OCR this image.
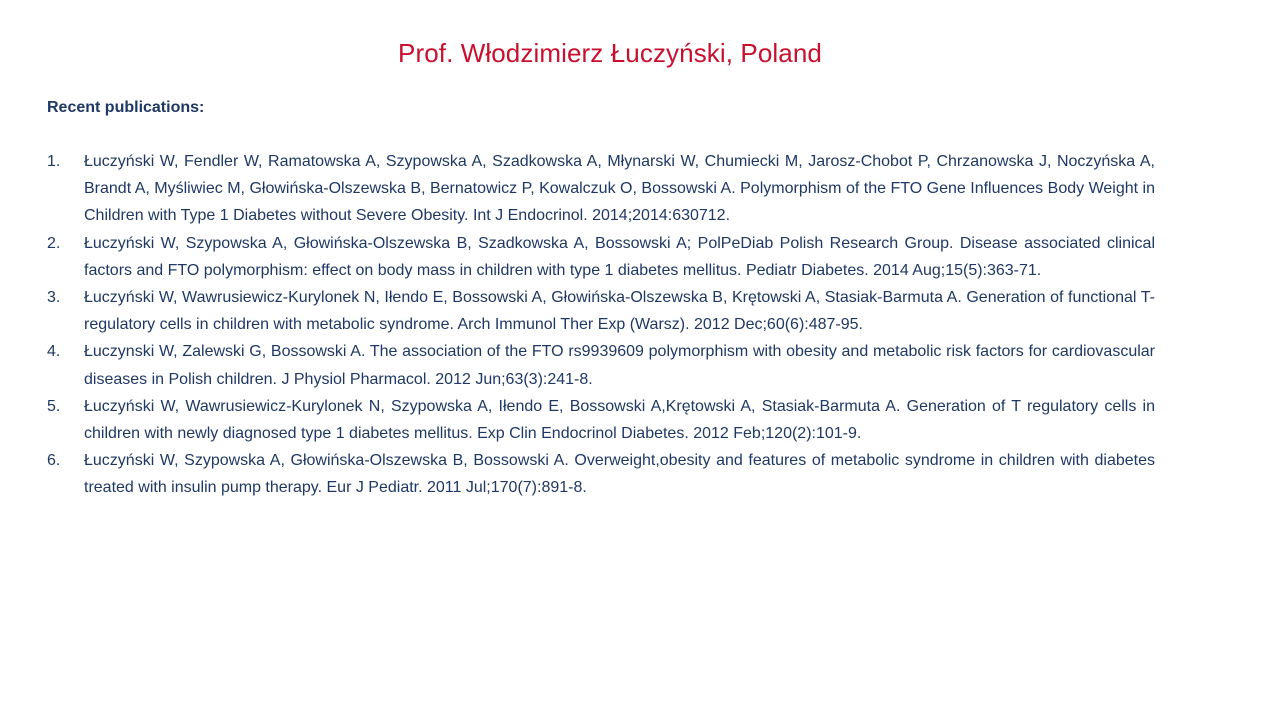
Prof. Włodzimierz Łuczyński, Poland
Recent publications:
1. Łuczyński W, Fendler W, Ramatowska A, Szypowska A, Szadkowska A, Młynarski W, Chumiecki M, Jarosz-Chobot P, Chrzanowska J, Noczyńska A, Brandt A, Myśliwiec M, Głowińska-Olszewska B, Bernatowicz P, Kowalczuk O, Bossowski A. Polymorphism of the FTO Gene Influences Body Weight in Children with Type 1 Diabetes without Severe Obesity. Int J Endocrinol. 2014;2014:630712.
2. Łuczyński W, Szypowska A, Głowińska-Olszewska B, Szadkowska A, Bossowski A; PolPeDiab Polish Research Group. Disease associated clinical factors and FTO polymorphism: effect on body mass in children with type 1 diabetes mellitus. Pediatr Diabetes. 2014 Aug;15(5):363-71.
3. Łuczyński W, Wawrusiewicz-Kurylonek N, Iłendo E, Bossowski A, Głowińska-Olszewska B, Krętowski A, Stasiak-Barmuta A. Generation of functional T-regulatory cells in children with metabolic syndrome. Arch Immunol Ther Exp (Warsz). 2012 Dec;60(6):487-95.
4. Łuczynski W, Zalewski G, Bossowski A. The association of the FTO rs9939609 polymorphism with obesity and metabolic risk factors for cardiovascular diseases in Polish children. J Physiol Pharmacol. 2012 Jun;63(3):241-8.
5. Łuczyński W, Wawrusiewicz-Kurylonek N, Szypowska A, Iłendo E, Bossowski A,Krętowski A, Stasiak-Barmuta A. Generation of T regulatory cells in children with newly diagnosed type 1 diabetes mellitus. Exp Clin Endocrinol Diabetes. 2012 Feb;120(2):101-9.
6. Łuczyński W, Szypowska A, Głowińska-Olszewska B, Bossowski A. Overweight,obesity and features of metabolic syndrome in children with diabetes treated with insulin pump therapy. Eur J Pediatr. 2011 Jul;170(7):891-8.
